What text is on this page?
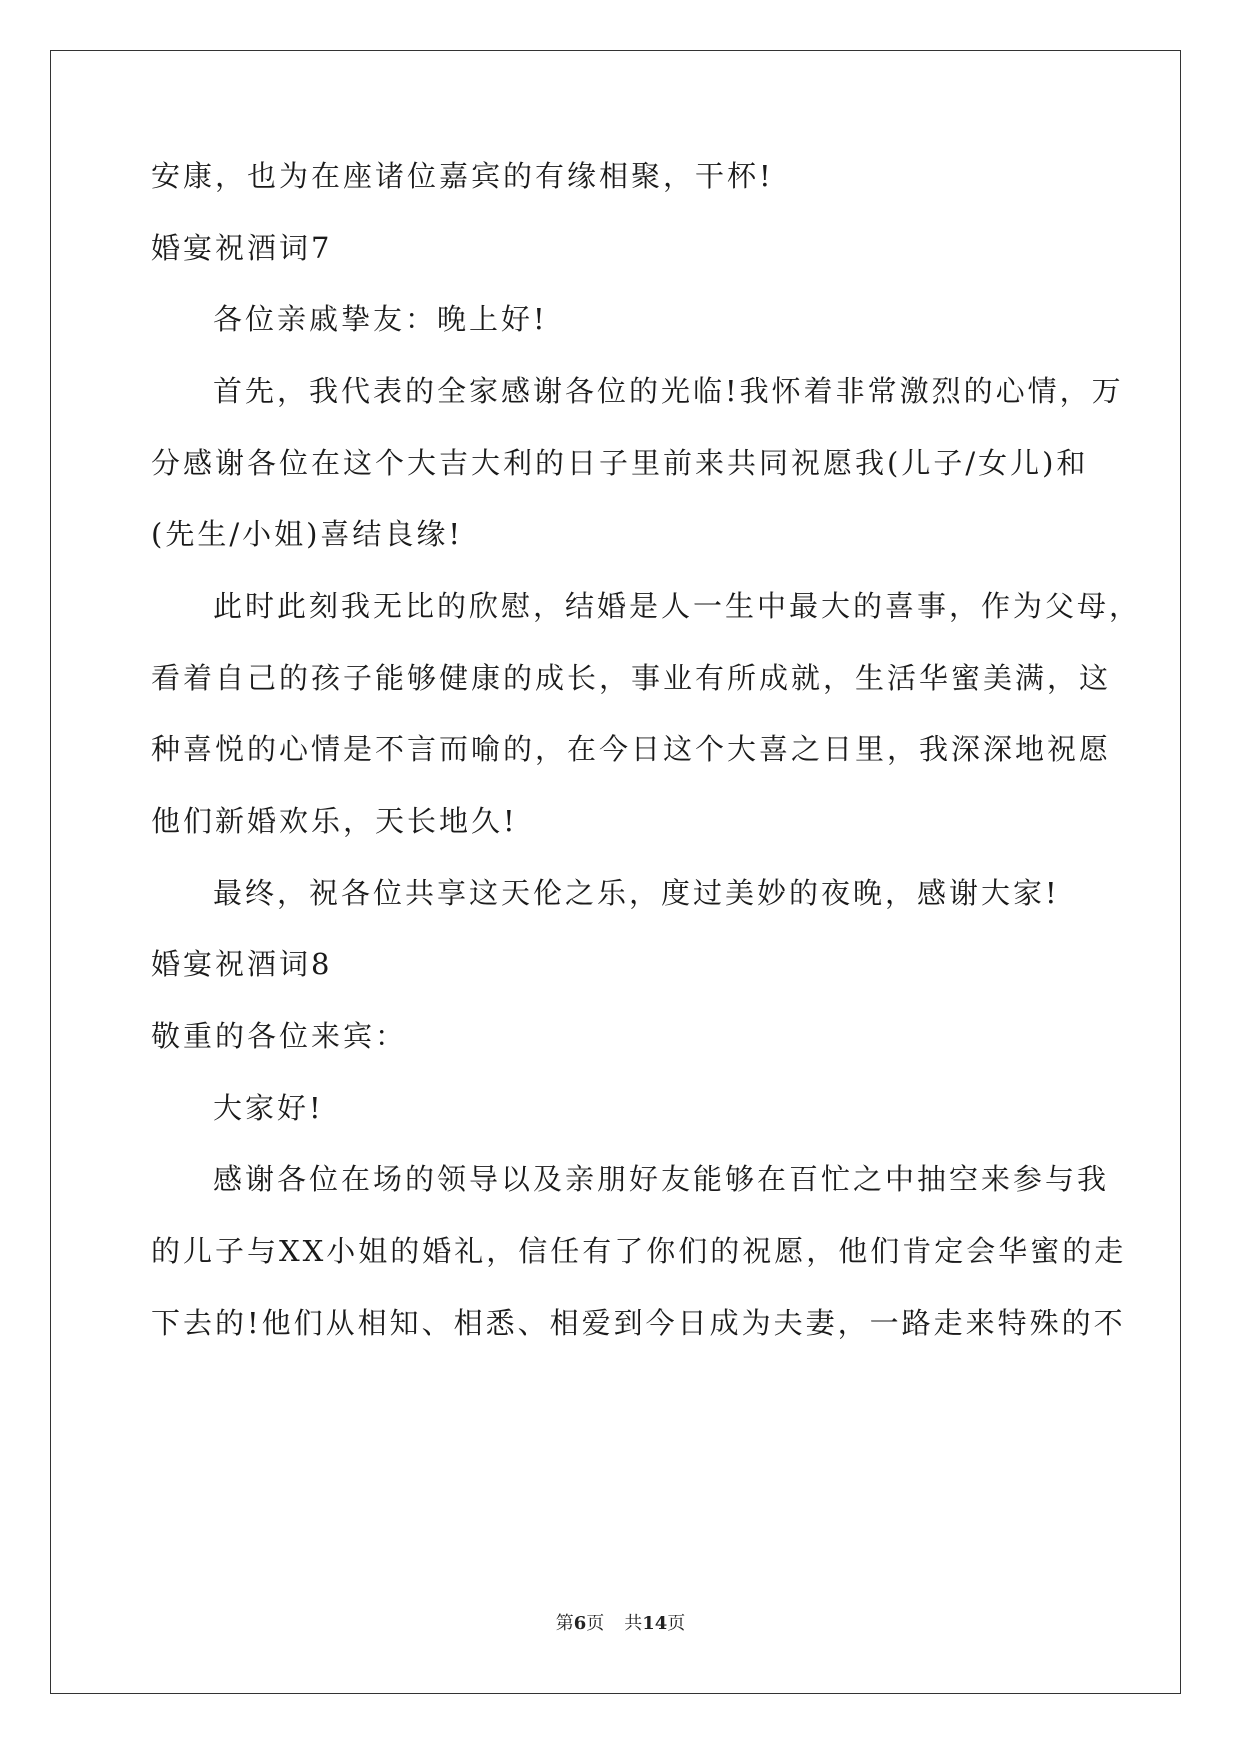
安康，也为在座诸位嘉宾的有缘相聚，干杯!
婚宴祝酒词7
各位亲戚挚友：晚上好!
首先，我代表的全家感谢各位的光临!我怀着非常激烈的心情，万
分感谢各位在这个大吉大利的日子里前来共同祝愿我(儿子/女儿)和
(先生/小姐)喜结良缘!
此时此刻我无比的欣慰，结婚是人一生中最大的喜事，作为父母，
看着自己的孩子能够健康的成长，事业有所成就，生活华蜜美满，这
种喜悦的心情是不言而喻的，在今日这个大喜之日里，我深深地祝愿
他们新婚欢乐，天长地久!
最终，祝各位共享这天伦之乐，度过美妙的夜晚，感谢大家!
婚宴祝酒词8
敬重的各位来宾：
大家好!
感谢各位在场的领导以及亲朋好友能够在百忙之中抽空来参与我
的儿子与XX小姐的婚礼，信任有了你们的祝愿，他们肯定会华蜜的走
下去的!他们从相知、相悉、相爱到今日成为夫妻，一路走来特殊的不
第6页 共14页
